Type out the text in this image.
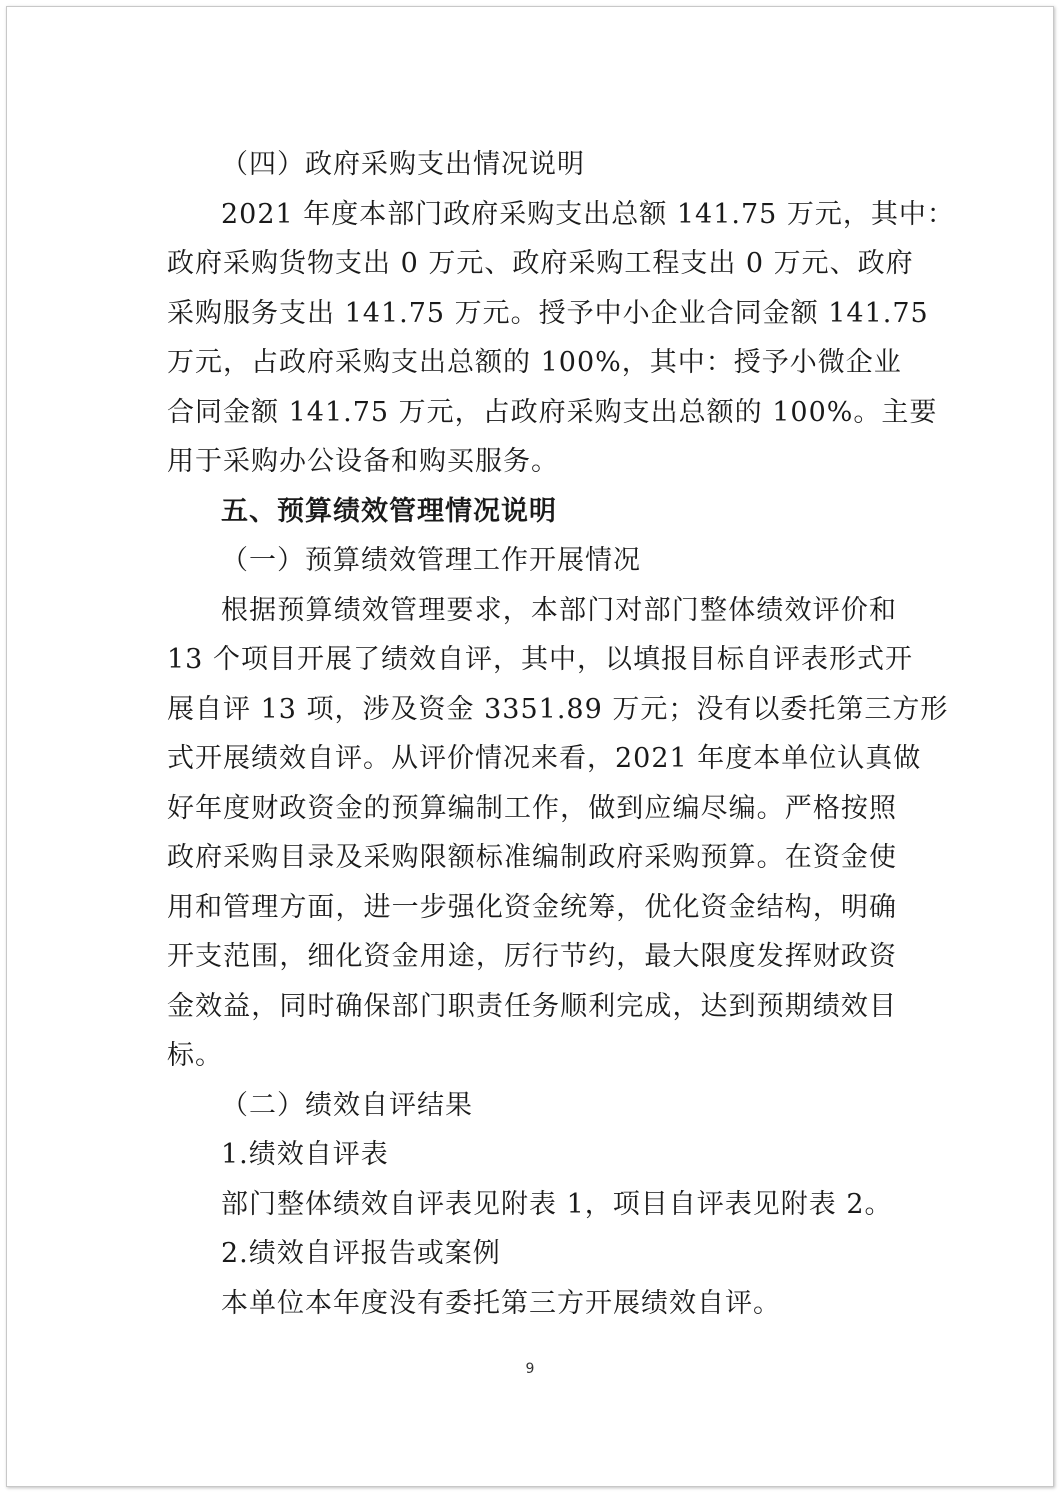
（四）政府采购支出情况说明
2021 年度本部门政府采购支出总额 141.75 万元，其中：
政府采购货物支出 0 万元、政府采购工程支出 0 万元、政府
采购服务支出 141.75 万元。授予中小企业合同金额 141.75
万元，占政府采购支出总额的 100%，其中：授予小微企业
合同金额 141.75 万元，占政府采购支出总额的 100%。主要
用于采购办公设备和购买服务。
五、预算绩效管理情况说明
（一）预算绩效管理工作开展情况
根据预算绩效管理要求，本部门对部门整体绩效评价和
13 个项目开展了绩效自评，其中，以填报目标自评表形式开
展自评 13 项，涉及资金 3351.89 万元；没有以委托第三方形
式开展绩效自评。从评价情况来看，2021 年度本单位认真做
好年度财政资金的预算编制工作，做到应编尽编。严格按照
政府采购目录及采购限额标准编制政府采购预算。在资金使
用和管理方面，进一步强化资金统筹，优化资金结构，明确
开支范围，细化资金用途，厉行节约，最大限度发挥财政资
金效益，同时确保部门职责任务顺利完成，达到预期绩效目
标。
（二）绩效自评结果
1.绩效自评表
部门整体绩效自评表见附表 1，项目自评表见附表 2。
2.绩效自评报告或案例
本单位本年度没有委托第三方开展绩效自评。
9
